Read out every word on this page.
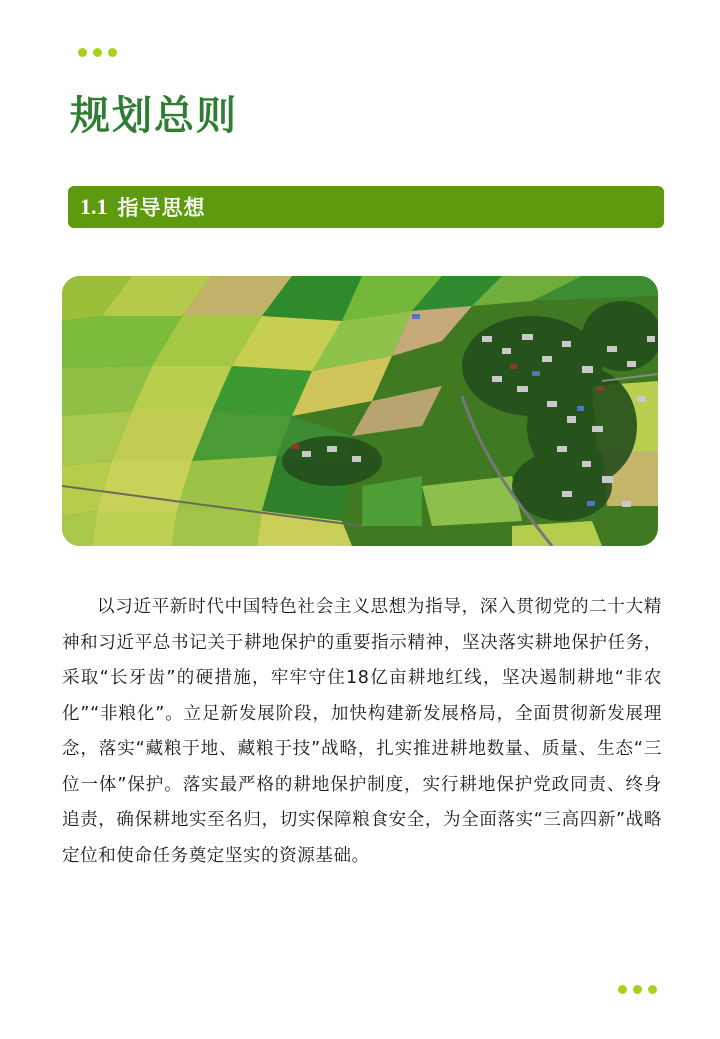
规划总则
1.1 指导思想

以习近平新时代中国特色社会主义思想为指导，深入贯彻党的二十大精神和习近平总书记关于耕地保护的重要指示精神，坚决落实耕地保护任务，采取“长牙齿”的硬措施，牢牢守住18亿亩耕地红线，坚决遏制耕地“非农化”“非粮化”。立足新发展阶段，加快构建新发展格局，全面贯彻新发展理念，落实“藏粮于地、藏粮于技”战略，扎实推进耕地数量、质量、生态“三位一体”保护。落实最严格的耕地保护制度，实行耕地保护党政同责、终身追责，确保耕地实至名归，切实保障粮食安全，为全面落实“三高四新”战略定位和使命任务奠定坚实的资源基础。
